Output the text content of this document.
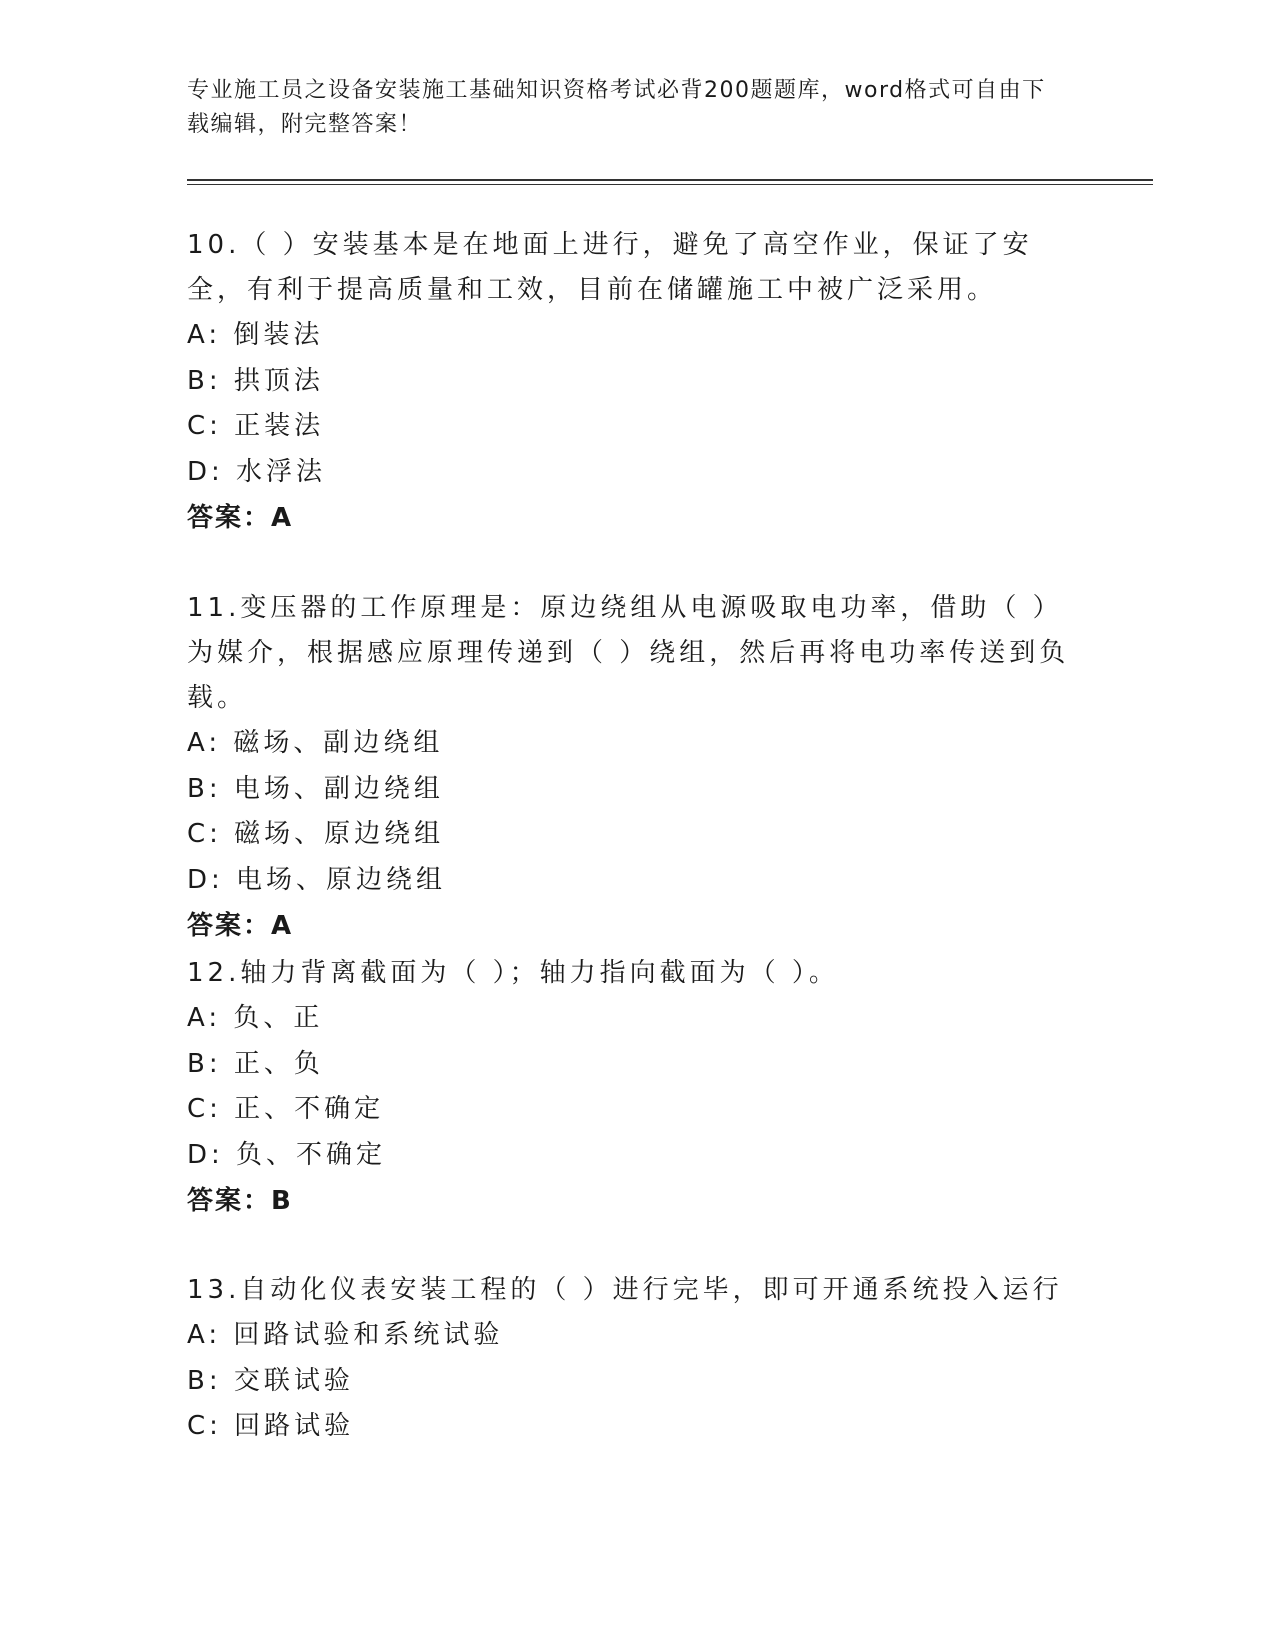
专业施工员之设备安装施工基础知识资格考试必背200题题库，word格式可自由下载编辑，附完整答案！
10.（ ）安装基本是在地面上进行，避免了高空作业，保证了安全，有利于提高质量和工效，目前在储罐施工中被广泛采用。
A: 倒装法
B: 拱顶法
C: 正装法
D: 水浮法
答案：A
11.变压器的工作原理是：原边绕组从电源吸取电功率，借助（ ）为媒介，根据感应原理传递到（ ）绕组，然后再将电功率传送到负载。
A: 磁场、副边绕组
B: 电场、副边绕组
C: 磁场、原边绕组
D: 电场、原边绕组
答案：A
12.轴力背离截面为（ ）；轴力指向截面为（ ）。
A: 负、正
B: 正、负
C: 正、不确定
D: 负、不确定
答案：B
13.自动化仪表安装工程的（ ）进行完毕，即可开通系统投入运行
A: 回路试验和系统试验
B: 交联试验
C: 回路试验
